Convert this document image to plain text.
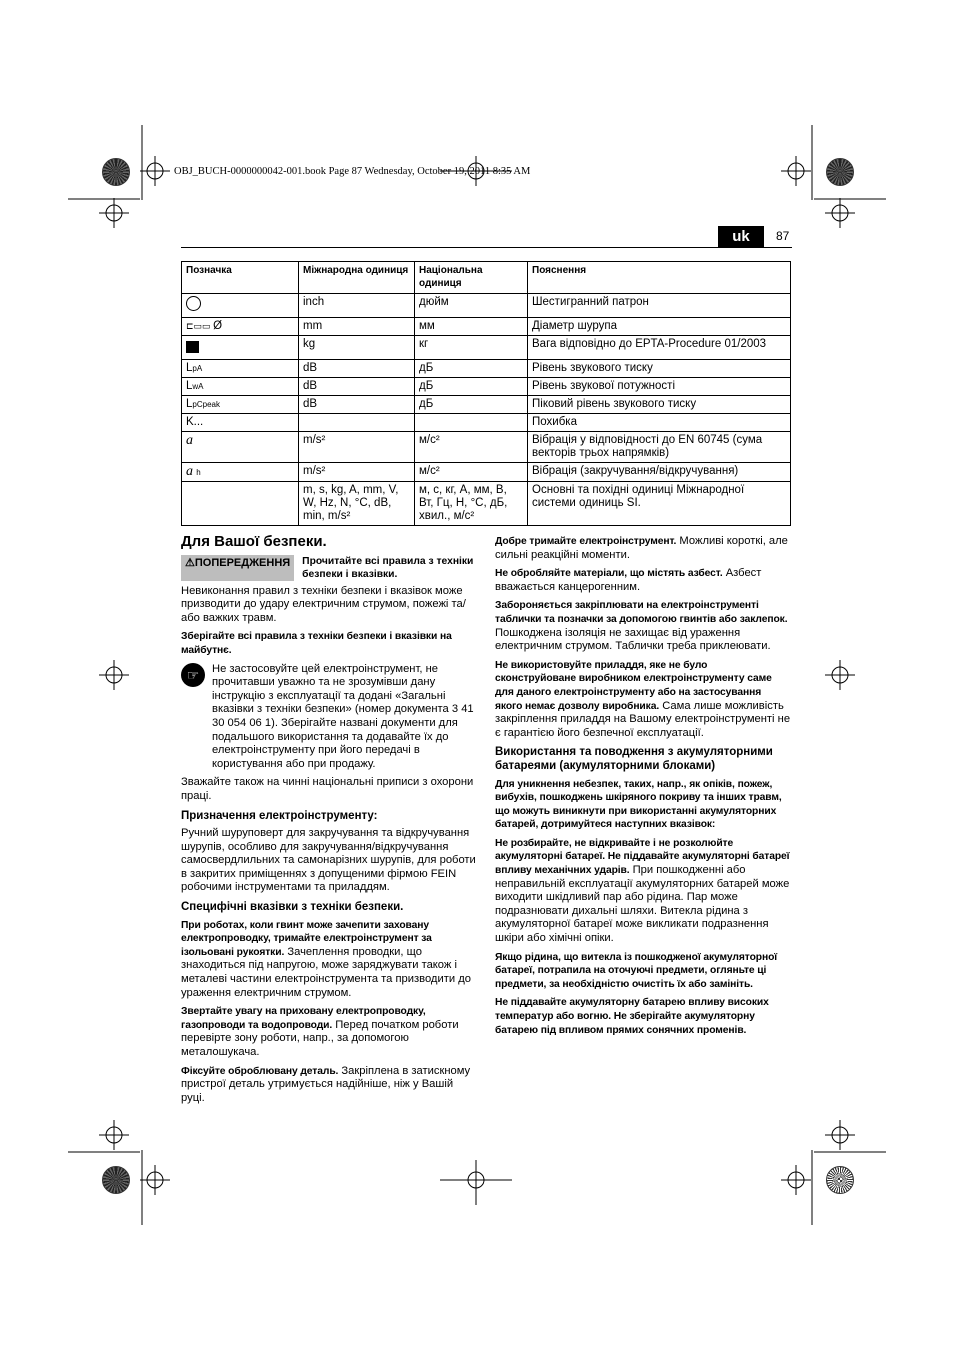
OBJ_BUCH-0000000042-001.book Page 87 Wednesday, October 19, 2011 8:35 AM
uk	87
Позначка	Міжнародна одиниця	Національна одиниця	Пояснення
	inch	дюйм	Шестигранний патрон
⊏▭▭ Ø	mm	мм	Діаметр шурупа
	kg	кг	Вага відповідно до EPTA-Procedure 01/2003
LpA	dB	дБ	Рівень звукового тиску
LwA	dB	дБ	Рівень звукової потужності
LpCpeak	dB	дБ	Піковий рівень звукового тиску
K...			Похибка
a	m/s²	м/с²	Вібрація у відповідності до EN 60745 (сума векторів трьох напрямків)
a h	m/s²	м/с²	Вібрація (закручування/відкручування)
	m, s, kg, A, mm, V, W, Hz, N, °C, dB, min, m/s²	м, с, кг, А, мм, В, Вт, Гц, Н, °C, дБ, хвил., м/с²	Основні та похідні одиниці Міжнародної системи одиниць SI.
Для Вашої безпеки.
⚠ПОПЕРЕДЖЕННЯ	Прочитайте всі правила з техніки безпеки і вказівки.

Невиконання правил з техніки безпеки і вказівок може призводити до удару електричним струмом, пожежі та/або важких травм.

Зберігайте всі правила з техніки безпеки і вказівки на майбутнє.

☞	Не застосовуйте цей електроінструмент, не прочитавши уважно та не зрозумівши дану інструкцію з експлуатації та додані «Загальні вказівки з техніки безпеки» (номер документа 3 41 30 054 06 1). Зберігайте названі документи для подальшого використання та додавайте їх до електроінструменту при його передачі в користування або при продажу.

Зважайте також на чинні національні приписи з охорони праці.

Призначення електроінструменту:

Ручний шуруповерт для закручування та відкручування шурупів, особливо для закручування/відкручування самосвердлильних та самонарізних шурупів, для роботи в закритих приміщеннях з допущеними фірмою FEIN робочими інструментами та приладдям.

Специфічні вказівки з техніки безпеки.

При роботах, коли гвинт може зачепити заховану електропроводку, тримайте електроінструмент за ізольовані рукоятки. Зачеплення проводки, що знаходиться під напругою, може заряджувати також і металеві частини електроінструмента та призводити до ураження електричним струмом.

Звертайте увагу на приховану електропроводку, газопроводи та водопроводи. Перед початком роботи перевірте зону роботи, напр., за допомогою металошукача.

Фіксуйте оброблювану деталь. Закріплена в затискному пристрої деталь утримується надійніше, ніж у Вашій руці.

Добре тримайте електроінструмент. Можливі короткі, але сильні реакційні моменти.

Не обробляйте матеріали, що містять азбест. Азбест вважається канцерогенним.

Забороняється закріплювати на електроінструменті таблички та позначки за допомогою гвинтів або заклепок. Пошкоджена ізоляція не захищає від ураження електричним струмом. Таблички треба приклеювати.

Не використовуйте приладдя, яке не було сконструйоване виробником електроінструменту саме для даного електроінструменту або на застосування якого немає дозволу виробника. Сама лише можливість закріплення приладдя на Вашому електроінструменті не є гарантією його безпечної експлуатації.

Використання та поводження з акумуляторними батареями (акумуляторними блоками)

Для уникнення небезпек, таких, напр., як опіків, пожеж, вибухів, пошкоджень шкіряного покриву та інших травм, що можуть виникнути при використанні акумуляторних батарей, дотримуйтеся наступних вказівок:

Не розбирайте, не відкривайте і не розколюйте акумуляторні батареї. Не піддавайте акумуляторні батареї впливу механічних ударів. При пошкодженні або неправильній експлуатації акумуляторних батарей може виходити шкідливий пар або рідина. Пар може подразнювати дихальні шляхи. Витекла рідина з акумуляторної батареї може викликати подразнення шкіри або хімічні опіки.

Якщо рідина, що витекла із пошкодженої акумуляторної батареї, потрапила на оточуючі предмети, огляньте ці предмети, за необхідністю очистіть їх або замініть.

Не піддавайте акумуляторну батарею впливу високих температур або вогню. Не зберігайте акумуляторну батарею під впливом прямих сонячних променів.
